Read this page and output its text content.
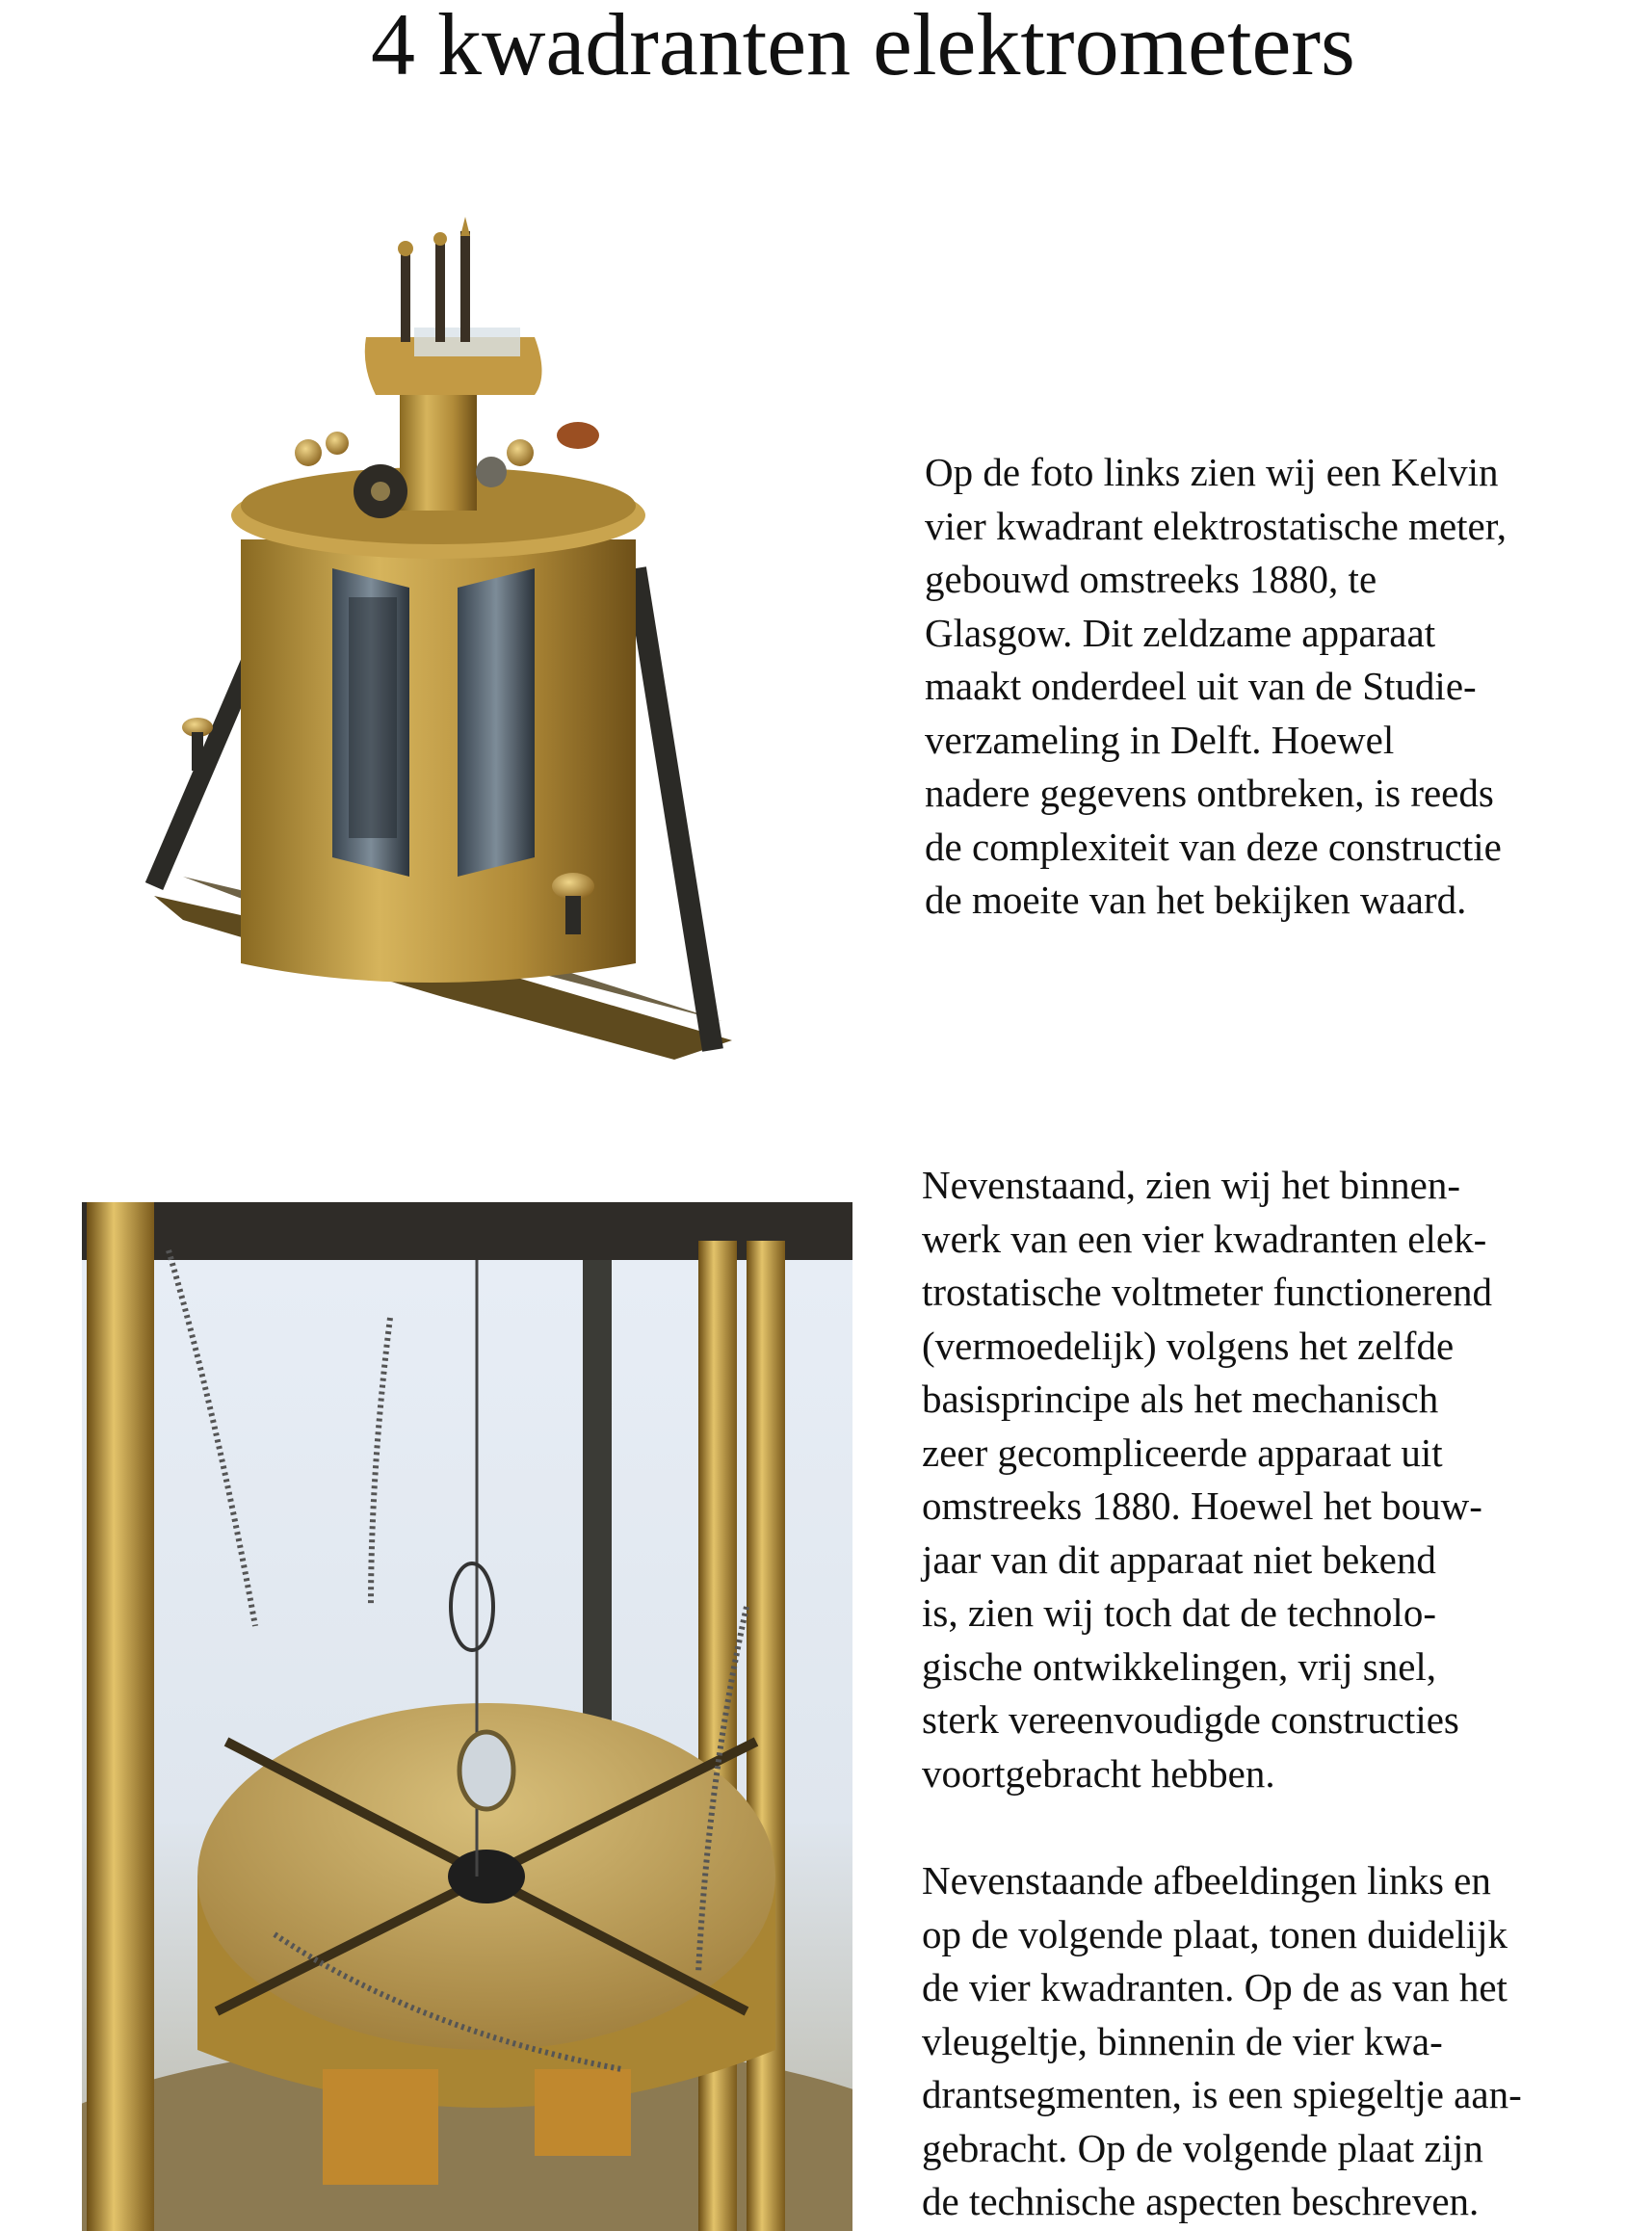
4 kwadranten elektrometers

Op de foto links zien wij een Kelvin
vier kwadrant elektrostatische meter,
gebouwd omstreeks 1880, te
Glasgow. Dit zeldzame apparaat
maakt onderdeel uit van de Studie-
verzameling in Delft. Hoewel
nadere gegevens ontbreken, is reeds
de complexiteit van deze constructie
de moeite van het bekijken waard.

Nevenstaand, zien wij het binnen-
werk van een vier kwadranten elek-
trostatische voltmeter functionerend
(vermoedelijk) volgens het zelfde
basisprincipe als het mechanisch
zeer gecompliceerde apparaat uit
omstreeks 1880. Hoewel het bouw-
jaar van dit apparaat niet bekend
is, zien wij toch dat de technolo-
gische ontwikkelingen, vrij snel,
sterk vereenvoudigde constructies
voortgebracht hebben.

Nevenstaande afbeeldingen links en
op de volgende plaat, tonen duidelijk
de vier kwadranten. Op de as van het
vleugeltje, binnenin de vier kwa-
drantsegmenten, is een spiegeltje aan-
gebracht. Op de volgende plaat zijn
de technische aspecten beschreven.
